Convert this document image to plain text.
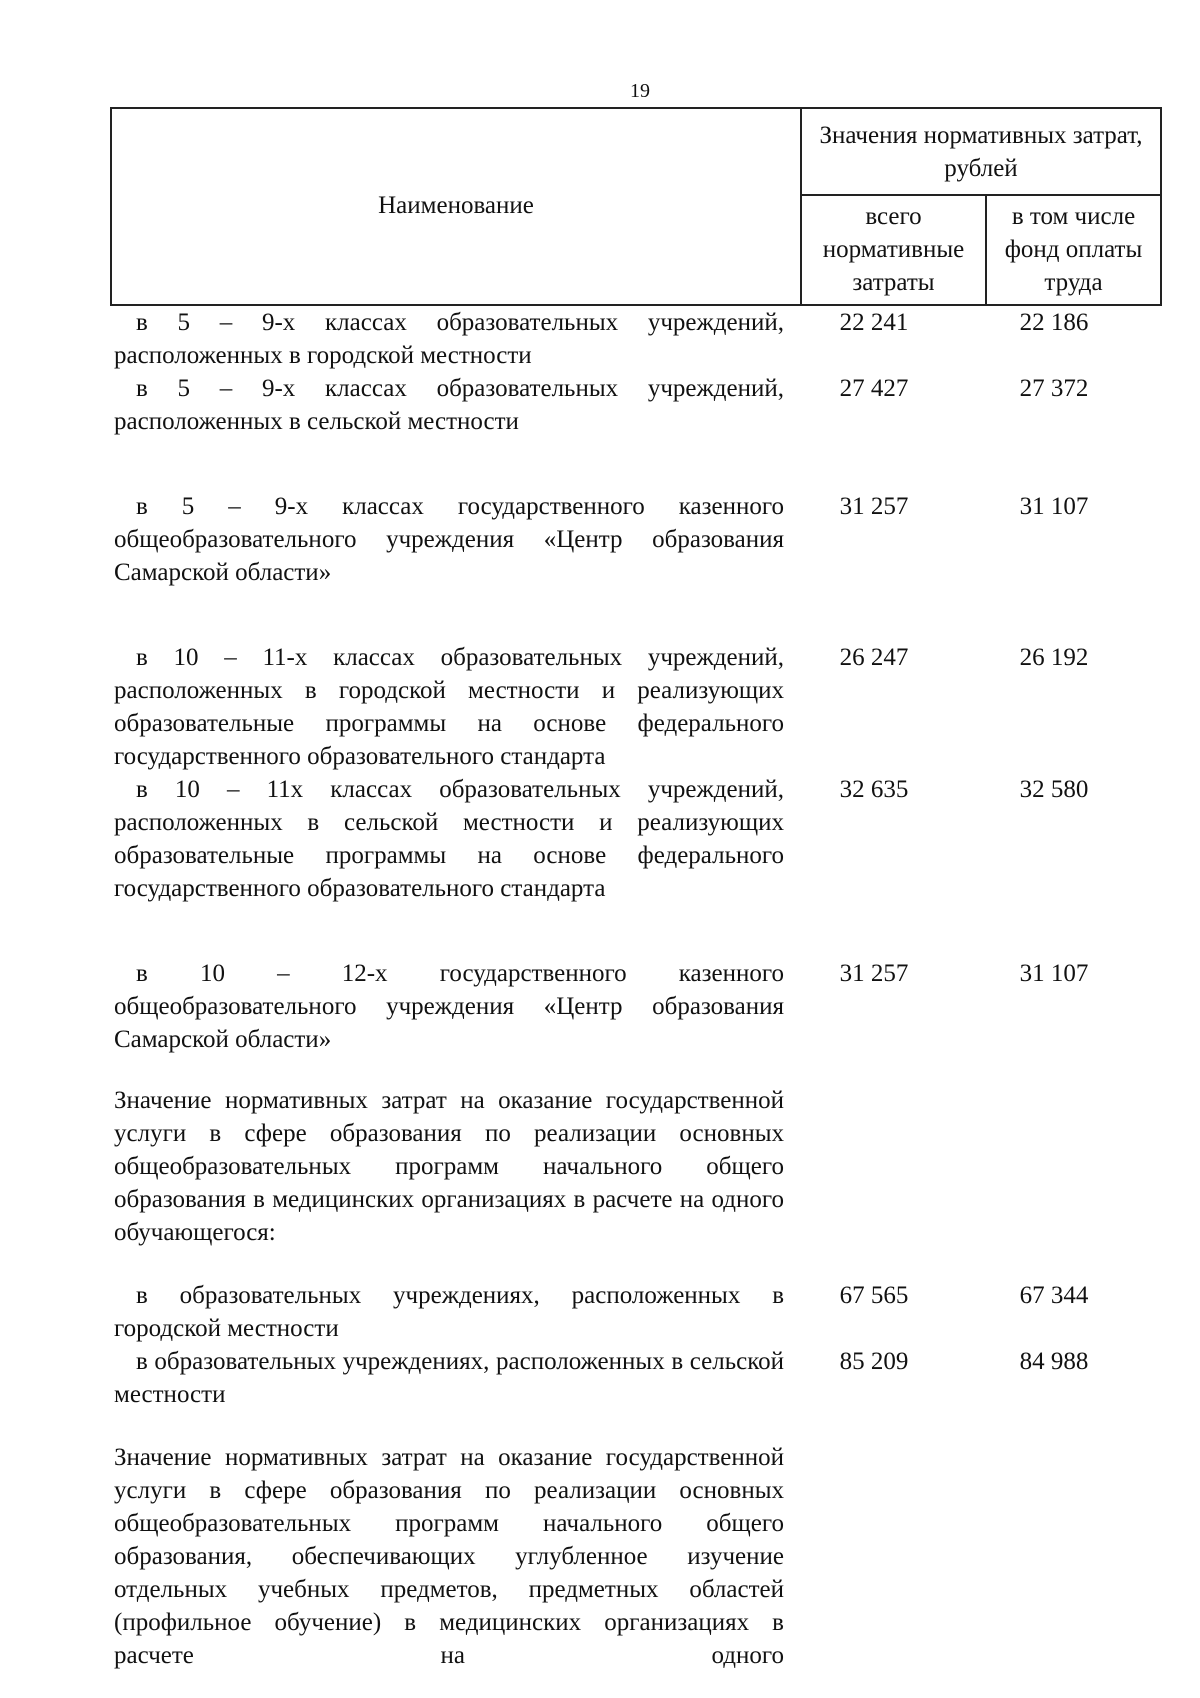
19
Наименование	Значения нормативных затрат, рублей	
	всего нормативные затраты	в том числе фонд оплаты труда
в 5 – 9-х классах образовательных учреждений, расположенных в городской местности
22 241	22 186
в 5 – 9-х классах образовательных учреждений, расположенных в сельской местности
27 427	27 372
в 5 – 9-х классах государственного казенного общеобразовательного учреждения «Центр образования Самарской области»
31 257	31 107
в 10 – 11-х классах образовательных учреждений, расположенных в городской местности и реализующих образовательные программы на основе федерального государственного образовательного стандарта
26 247	26 192
в 10 – 11х классах образовательных учреждений, расположенных в сельской местности и реализующих образовательные программы на основе федерального государственного образовательного стандарта
32 635	32 580
в 10 – 12-х государственного казенного общеобразовательного учреждения «Центр образования Самарской области»
31 257	31 107
Значение нормативных затрат на оказание государственной услуги в сфере образования по реализации основных общеобразовательных программ начального общего образования в медицинских организациях в расчете на одного обучающегося:
в образовательных учреждениях, расположенных в городской местности
67 565	67 344
в образовательных учреждениях, расположенных в сельской местности
85 209	84 988
Значение нормативных затрат на оказание государственной услуги в сфере образования по реализации основных общеобразовательных программ начального общего образования, обеспечивающих углубленное изучение отдельных учебных предметов, предметных областей (профильное обучение) в медицинских организациях в расчете на одного
